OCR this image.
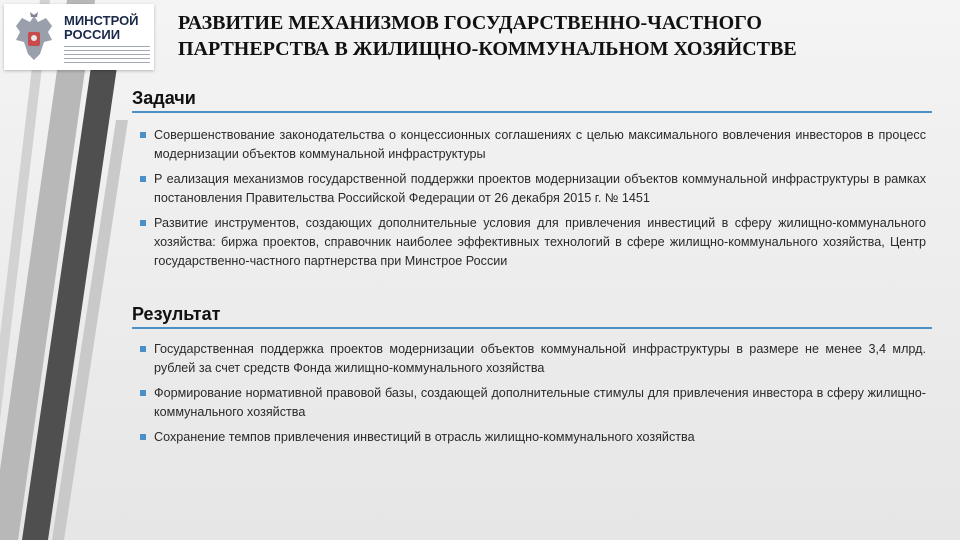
МИНСТРОЙ
РОССИИ
РАЗВИТИЕ МЕХАНИЗМОВ ГОСУДАРСТВЕННО-ЧАСТНОГО
ПАРТНЕРСТВА В ЖИЛИЩНО-КОММУНАЛЬНОМ ХОЗЯЙСТВЕ
Задачи
Совершенствование законодательства о концессионных соглашениях с целью максимального вовлечения инвесторов в процесс модернизации объектов коммунальной инфраструктуры
Р еализация механизмов государственной поддержки проектов модернизации объектов коммунальной инфраструктуры в рамках постановления Правительства Российской Федерации от 26 декабря 2015 г. № 1451
Развитие инструментов, создающих дополнительные условия для привлечения инвестиций в сферу жилищно-коммунального хозяйства: биржа проектов, справочник наиболее эффективных технологий в сфере жилищно-коммунального хозяйства, Центр государственно-частного партнерства при Минстрое России
Результат
Государственная поддержка проектов модернизации объектов коммунальной инфраструктуры в размере не менее 3,4 млрд. рублей за счет средств Фонда жилищно-коммунального хозяйства
Формирование нормативной правовой базы, создающей дополнительные стимулы для привлечения инвестора в сферу жилищно-коммунального хозяйства
Сохранение темпов привлечения инвестиций в отрасль жилищно-коммунального хозяйства
